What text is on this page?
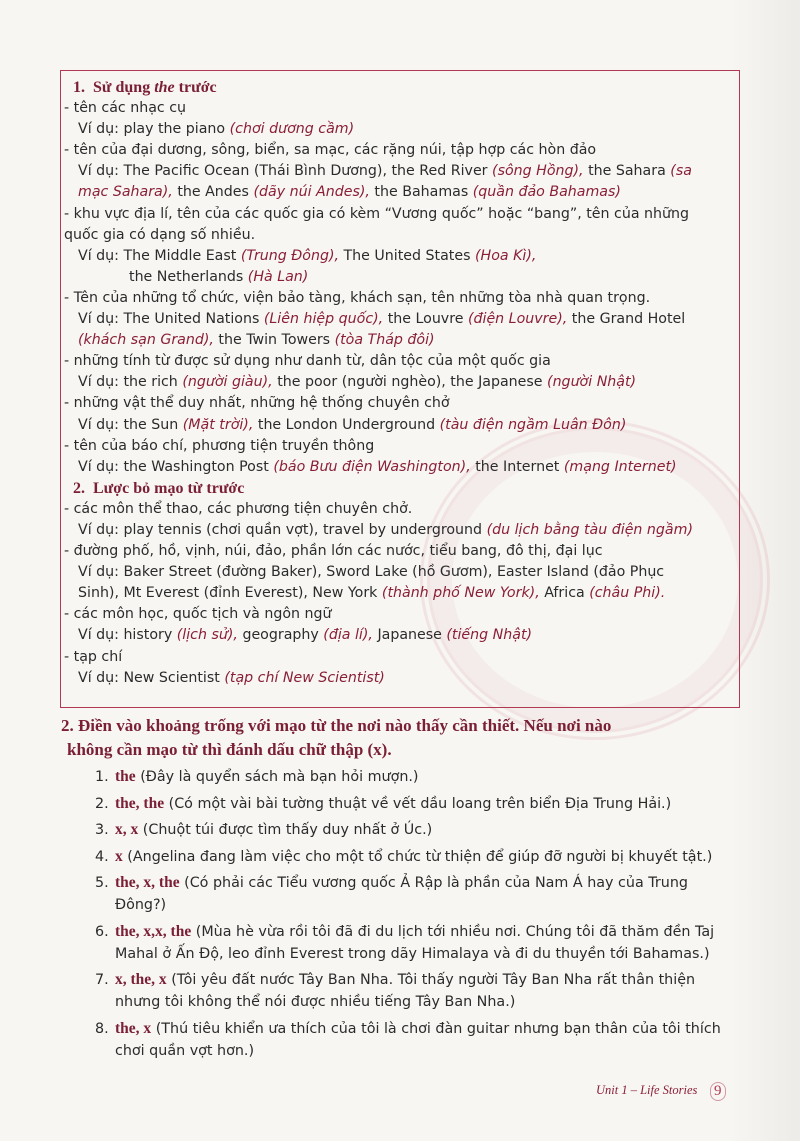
1. Sử dụng the trước
- tên các nhạc cụ
Ví dụ: play the piano (chơi dương cầm)
- tên của đại dương, sông, biển, sa mạc, các rặng núi, tập hợp các hòn đảo
Ví dụ: The Pacific Ocean (Thái Bình Dương), the Red River (sông Hồng), the Sahara (sa
mạc Sahara), the Andes (dãy núi Andes), the Bahamas (quần đảo Bahamas)
- khu vực địa lí, tên của các quốc gia có kèm “Vương quốc” hoặc “bang”, tên của những
quốc gia có dạng số nhiều.
Ví dụ: The Middle East (Trung Đông), The United States (Hoa Kì),
the Netherlands (Hà Lan)
- Tên của những tổ chức, viện bảo tàng, khách sạn, tên những tòa nhà quan trọng.
Ví dụ: The United Nations (Liên hiệp quốc), the Louvre (điện Louvre), the Grand Hotel
(khách sạn Grand), the Twin Towers (tòa Tháp đôi)
- những tính từ được sử dụng như danh từ, dân tộc của một quốc gia
Ví dụ: the rich (người giàu), the poor (người nghèo), the Japanese (người Nhật)
- những vật thể duy nhất, những hệ thống chuyên chở
Ví dụ: the Sun (Mặt trời), the London Underground (tàu điện ngầm Luân Đôn)
- tên của báo chí, phương tiện truyền thông
Ví dụ: the Washington Post (báo Bưu điện Washington), the Internet (mạng Internet)
2. Lược bỏ mạo từ trước
- các môn thể thao, các phương tiện chuyên chở.
Ví dụ: play tennis (chơi quần vợt), travel by underground (du lịch bằng tàu điện ngầm)
- đường phố, hồ, vịnh, núi, đảo, phần lớn các nước, tiểu bang, đô thị, đại lục
Ví dụ: Baker Street (đường Baker), Sword Lake (hồ Gươm), Easter Island (đảo Phục
Sinh), Mt Everest (đỉnh Everest), New York (thành phố New York), Africa (châu Phi).
- các môn học, quốc tịch và ngôn ngữ
Ví dụ: history (lịch sử), geography (địa lí), Japanese (tiếng Nhật)
- tạp chí
Ví dụ: New Scientist (tạp chí New Scientist)
2. Điền vào khoảng trống với mạo từ the nơi nào thấy cần thiết. Nếu nơi nào
không cần mạo từ thì đánh dấu chữ thập (x).
1. the (Đây là quyển sách mà bạn hỏi mượn.)
2. the, the (Có một vài bài tường thuật về vết dầu loang trên biển Địa Trung Hải.)
3. x, x (Chuột túi được tìm thấy duy nhất ở Úc.)
4. x (Angelina đang làm việc cho một tổ chức từ thiện để giúp đỡ người bị khuyết tật.)
5. the, x, the (Có phải các Tiểu vương quốc Ả Rập là phần của Nam Á hay của Trung Đông?)
6. the, x,x, the (Mùa hè vừa rồi tôi đã đi du lịch tới nhiều nơi. Chúng tôi đã thăm đền Taj Mahal ở Ấn Độ, leo đỉnh Everest trong dãy Himalaya và đi du thuyền tới Bahamas.)
7. x, the, x (Tôi yêu đất nước Tây Ban Nha. Tôi thấy người Tây Ban Nha rất thân thiện nhưng tôi không thể nói được nhiều tiếng Tây Ban Nha.)
8. the, x (Thú tiêu khiển ưa thích của tôi là chơi đàn guitar nhưng bạn thân của tôi thích chơi quần vợt hơn.)
Unit 1 – Life Stories 9
